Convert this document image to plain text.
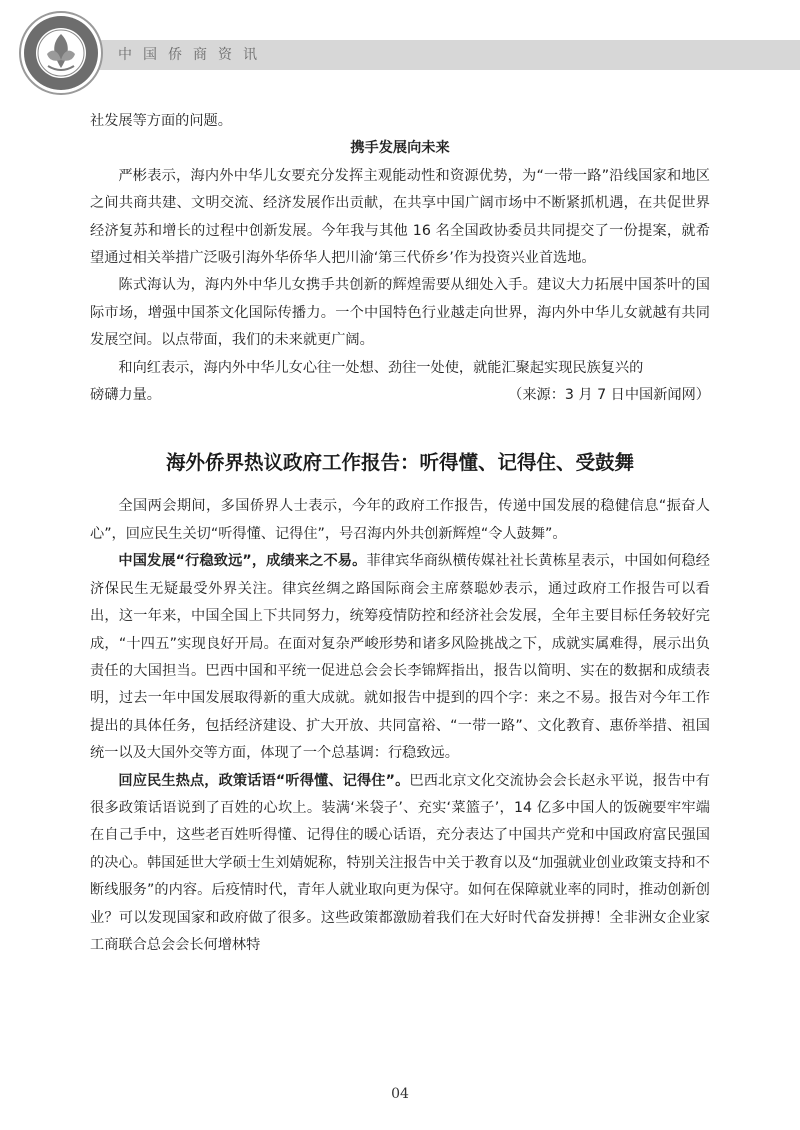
中国侨商资讯

社发展等方面的问题。

携手发展向未来

严彬表示，海内外中华儿女要充分发挥主观能动性和资源优势，为“一带一路”沿线国家和地区之间共商共建、文明交流、经济发展作出贡献，在共享中国广阔市场中不断紧抓机遇，在共促世界经济复苏和增长的过程中创新发展。今年我与其他 16 名全国政协委员共同提交了一份提案，就希望通过相关举措广泛吸引海外华侨华人把川渝‘第三代侨乡’作为投资兴业首选地。

陈式海认为，海内外中华儿女携手共创新的辉煌需要从细处入手。建议大力拓展中国茶叶的国际市场，增强中国茶文化国际传播力。一个中国特色行业越走向世界，海内外中华儿女就越有共同发展空间。以点带面，我们的未来就更广阔。

和向红表示，海内外中华儿女心往一处想、劲往一处使，就能汇聚起实现民族复兴的

磅礴力量。	（来源：3 月 7 日中国新闻网）
海外侨界热议政府工作报告：听得懂、记得住、受鼓舞

全国两会期间，多国侨界人士表示，今年的政府工作报告，传递中国发展的稳健信息“振奋人心”，回应民生关切“听得懂、记得住”，号召海内外共创新辉煌“令人鼓舞”。

中国发展“行稳致远”，成绩来之不易。菲律宾华商纵横传媒社社长黄栋星表示，中国如何稳经济保民生无疑最受外界关注。律宾丝绸之路国际商会主席蔡聪妙表示，通过政府工作报告可以看出，这一年来，中国全国上下共同努力，统筹疫情防控和经济社会发展，全年主要目标任务较好完成，“十四五”实现良好开局。在面对复杂严峻形势和诸多风险挑战之下，成就实属难得，展示出负责任的大国担当。巴西中国和平统一促进总会会长李锦辉指出，报告以简明、实在的数据和成绩表明，过去一年中国发展取得新的重大成就。就如报告中提到的四个字：来之不易。报告对今年工作提出的具体任务，包括经济建设、扩大开放、共同富裕、“一带一路”、文化教育、惠侨举措、祖国统一以及大国外交等方面，体现了一个总基调：行稳致远。

回应民生热点，政策话语“听得懂、记得住”。巴西北京文化交流协会会长赵永平说，报告中有很多政策话语说到了百姓的心坎上。装满‘米袋子’、充实‘菜篮子’，14 亿多中国人的饭碗要牢牢端在自己手中，这些老百姓听得懂、记得住的暖心话语，充分表达了中国共产党和中国政府富民强国的决心。韩国延世大学硕士生刘婧妮称，特别关注报告中关于教育以及“加强就业创业政策支持和不断线服务”的内容。后疫情时代，青年人就业取向更为保守。如何在保障就业率的同时，推动创新创业？可以发现国家和政府做了很多。这些政策都激励着我们在大好时代奋发拼搏！全非洲女企业家工商联合总会会长何增林特

04
